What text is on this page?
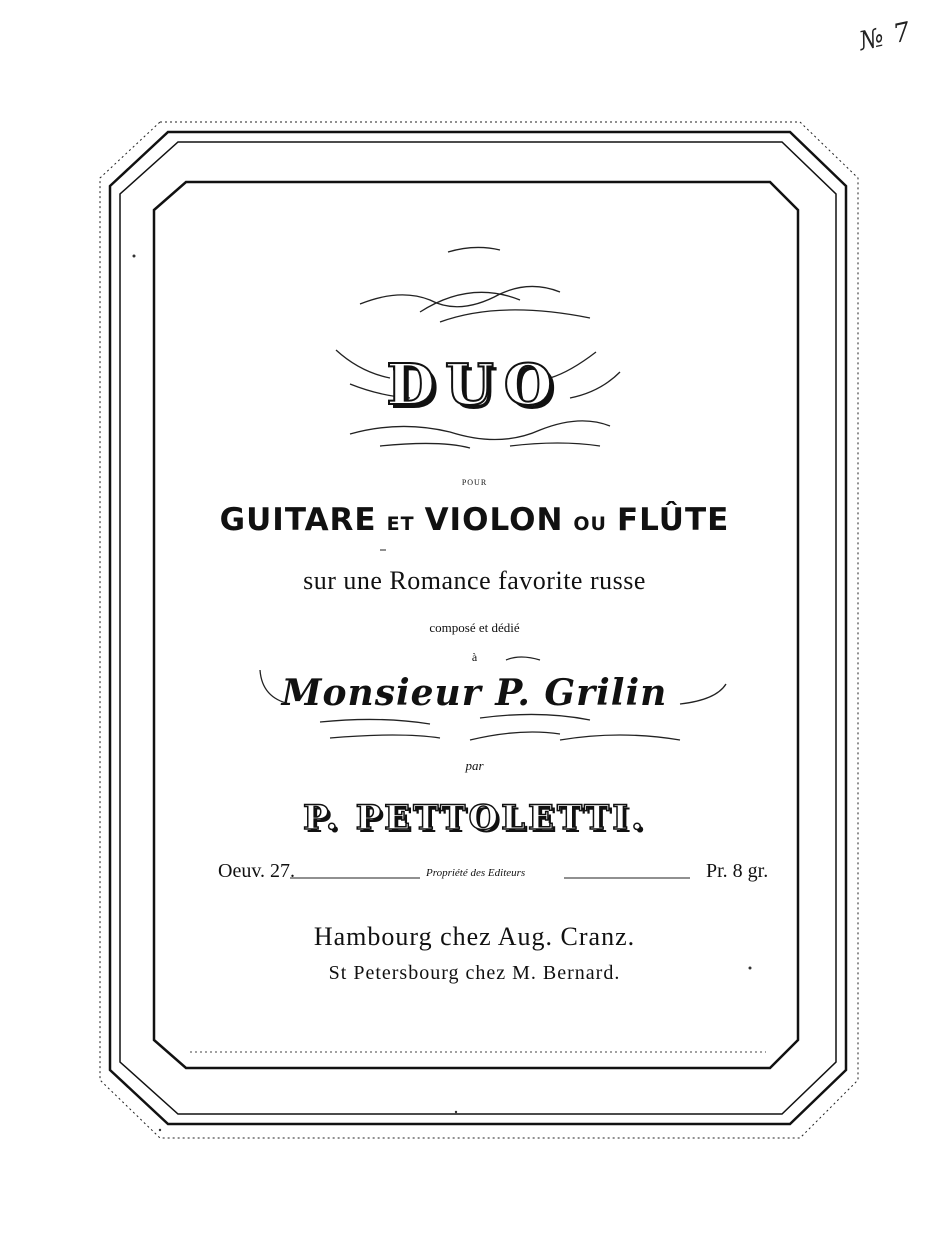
№ 7
DUO
pour
GUITARE ET VIOLON OU FLÛTE
sur une Romance favorite russe
composé et dédié
à
Monsieur P. Grilin
par
P. PETTOLETTI.
Oeuv. 27.	Propriété des Editeurs	Pr. 8 gr.
Hambourg chez Aug. Cranz.
St Petersbourg chez M. Bernard.
